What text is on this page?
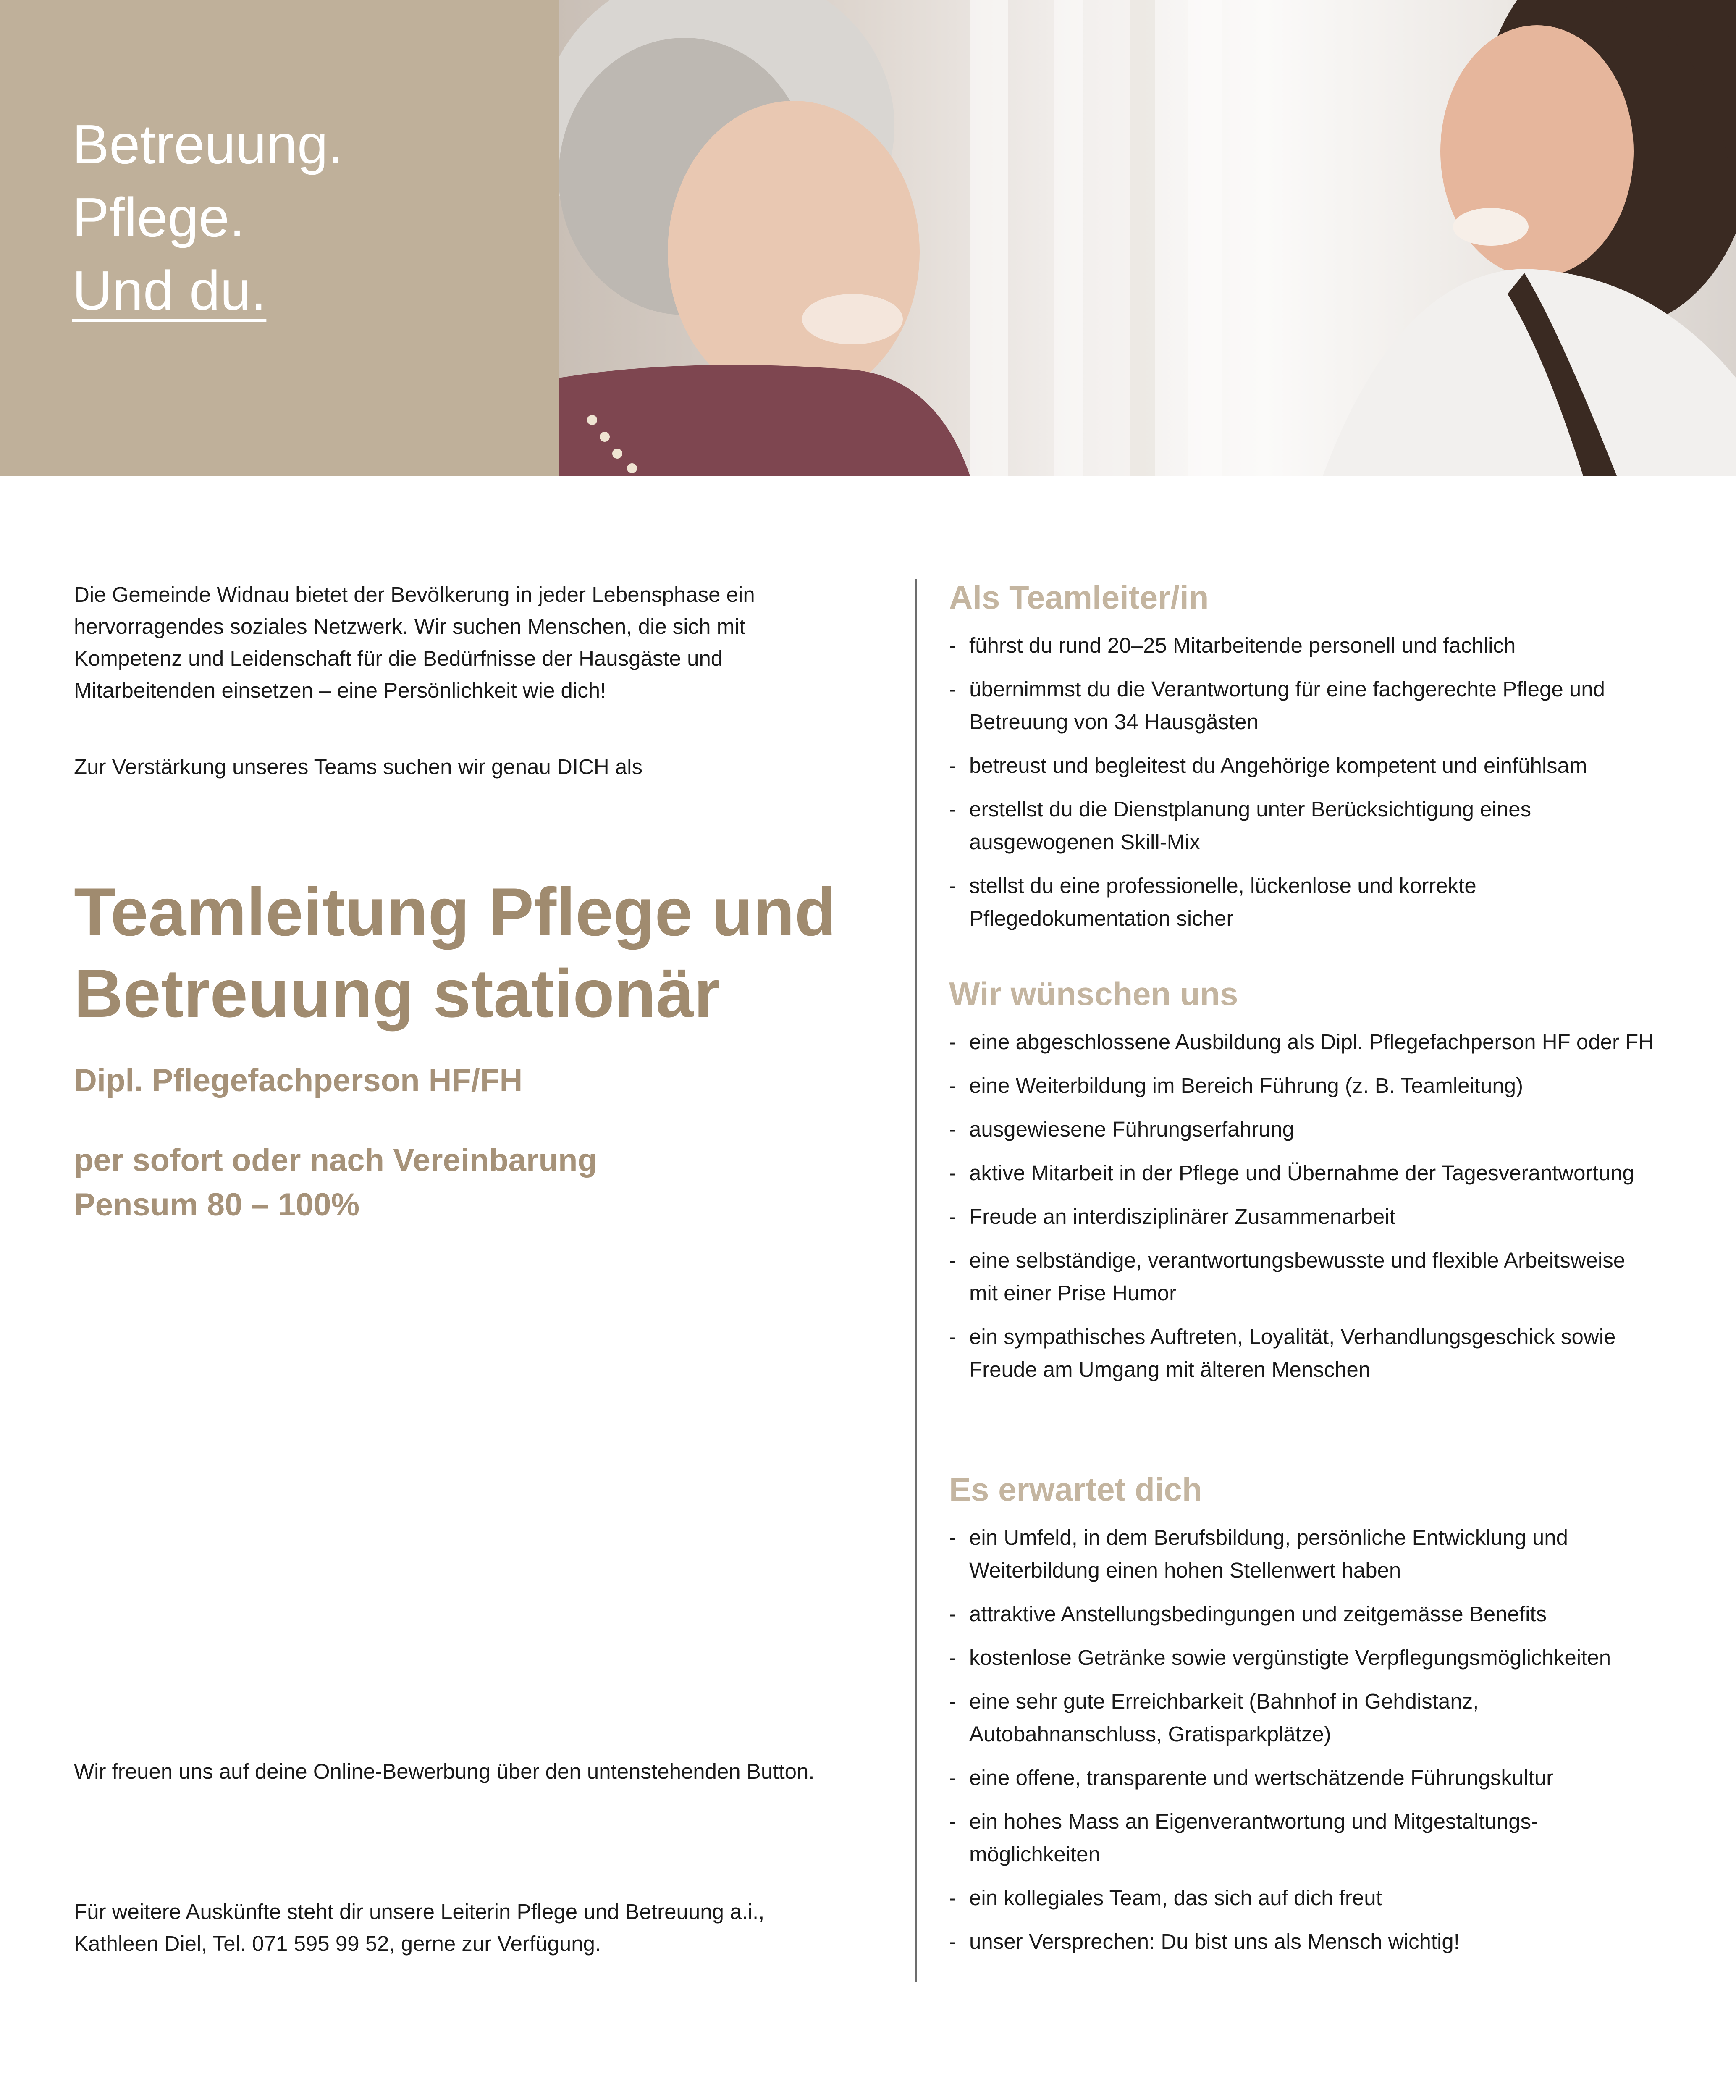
Betreuung.
Pflege.
Und du.
Die Gemeinde Widnau bietet der Bevölkerung in jeder Lebensphase ein hervorragendes soziales Netzwerk. Wir suchen Menschen, die sich mit Kompetenz und Leidenschaft für die Bedürfnisse der Hausgäste und Mitarbeitenden einsetzen – eine Persönlichkeit wie dich!
Zur Verstärkung unseres Teams suchen wir genau DICH als
Teamleitung Pflege und Betreuung stationär
Dipl. Pflegefachperson HF/FH
per sofort oder nach Vereinbarung
Pensum 80 – 100%
Wir freuen uns auf deine Online-Bewerbung über den untenstehenden Button.
Für weitere Auskünfte steht dir unsere Leiterin Pflege und Betreuung a.i., Kathleen Diel, Tel. 071 595 99 52, gerne zur Verfügung.
Als Teamleiter/in
- führst du rund 20–25 Mitarbeitende personell und fachlich
- übernimmst du die Verantwortung für eine fachgerechte Pflege und Betreuung von 34 Hausgästen
- betreust und begleitest du Angehörige kompetent und einfühlsam
- erstellst du die Dienstplanung unter Berücksichtigung eines ausgewogenen Skill-Mix
- stellst du eine professionelle, lückenlose und korrekte Pflegedokumentation sicher
Wir wünschen uns
- eine abgeschlossene Ausbildung als Dipl. Pflegefachperson HF oder FH
- eine Weiterbildung im Bereich Führung (z. B. Teamleitung)
- ausgewiesene Führungserfahrung
- aktive Mitarbeit in der Pflege und Übernahme der Tagesverantwortung
- Freude an interdisziplinärer Zusammenarbeit
- eine selbständige, verantwortungsbewusste und flexible Arbeitsweise mit einer Prise Humor
- ein sympathisches Auftreten, Loyalität, Verhandlungsgeschick sowie Freude am Umgang mit älteren Menschen
Es erwartet dich
- ein Umfeld, in dem Berufsbildung, persönliche Entwicklung und Weiterbildung einen hohen Stellenwert haben
- attraktive Anstellungsbedingungen und zeitgemässe Benefits
- kostenlose Getränke sowie vergünstigte Verpflegungsmöglichkeiten
- eine sehr gute Erreichbarkeit (Bahnhof in Gehdistanz, Autobahnanschluss, Gratisparkplätze)
- eine offene, transparente und wertschätzende Führungskultur
- ein hohes Mass an Eigenverantwortung und Mitgestaltungsmöglichkeiten
- ein kollegiales Team, das sich auf dich freut
- unser Versprechen: Du bist uns als Mensch wichtig!
